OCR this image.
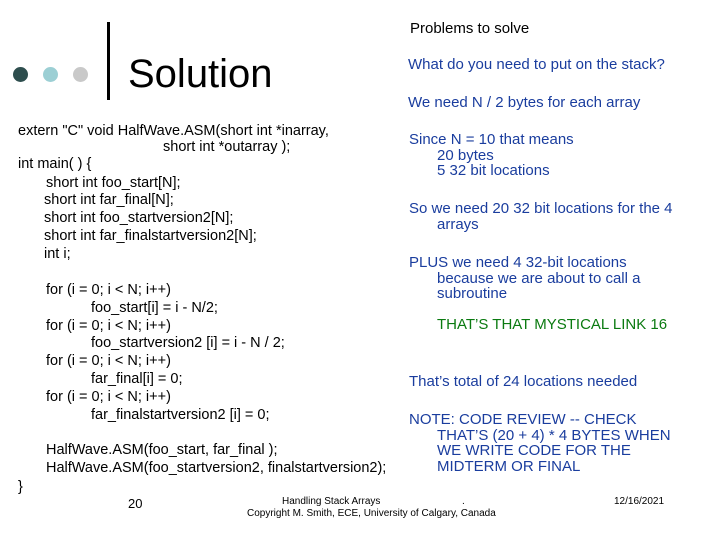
Problems to solve
Solution	What do you need to put on the stack?
We need N / 2 bytes for each array
extern "C" void HalfWave.ASM(short int *inarray,
short int *outarray );
int main( ) {
short int foo_start[N];
short int far_final[N];
short int foo_startversion2[N];
short int far_finalstartversion2[N];
int i;
for (i = 0; i < N; i++)
foo_start[i] = i - N/2;
for (i = 0; i < N; i++)
foo_startversion2 [i] = i - N / 2;
for (i = 0; i < N; i++)
far_final[i] = 0;
for (i = 0; i < N; i++)
far_finalstartversion2 [i] = 0;
HalfWave.ASM(foo_start, far_final );
HalfWave.ASM(foo_startversion2, finalstartversion2);
}
Since N = 10 that means
20 bytes
5 32 bit locations
So we need 20 32 bit locations for the 4
arrays
PLUS we need 4 32-bit locations
because we are about to call a
subroutine
THAT’S THAT MYSTICAL LINK 16
That’s total of 24 locations needed
NOTE: CODE REVIEW -- CHECK
THAT’S (20 + 4) * 4 BYTES WHEN
WE WRITE CODE FOR THE
MIDTERM OR FINAL
20	Handling Stack Arrays	.
Copyright M. Smith, ECE, University of Calgary, Canada
12/16/2021
